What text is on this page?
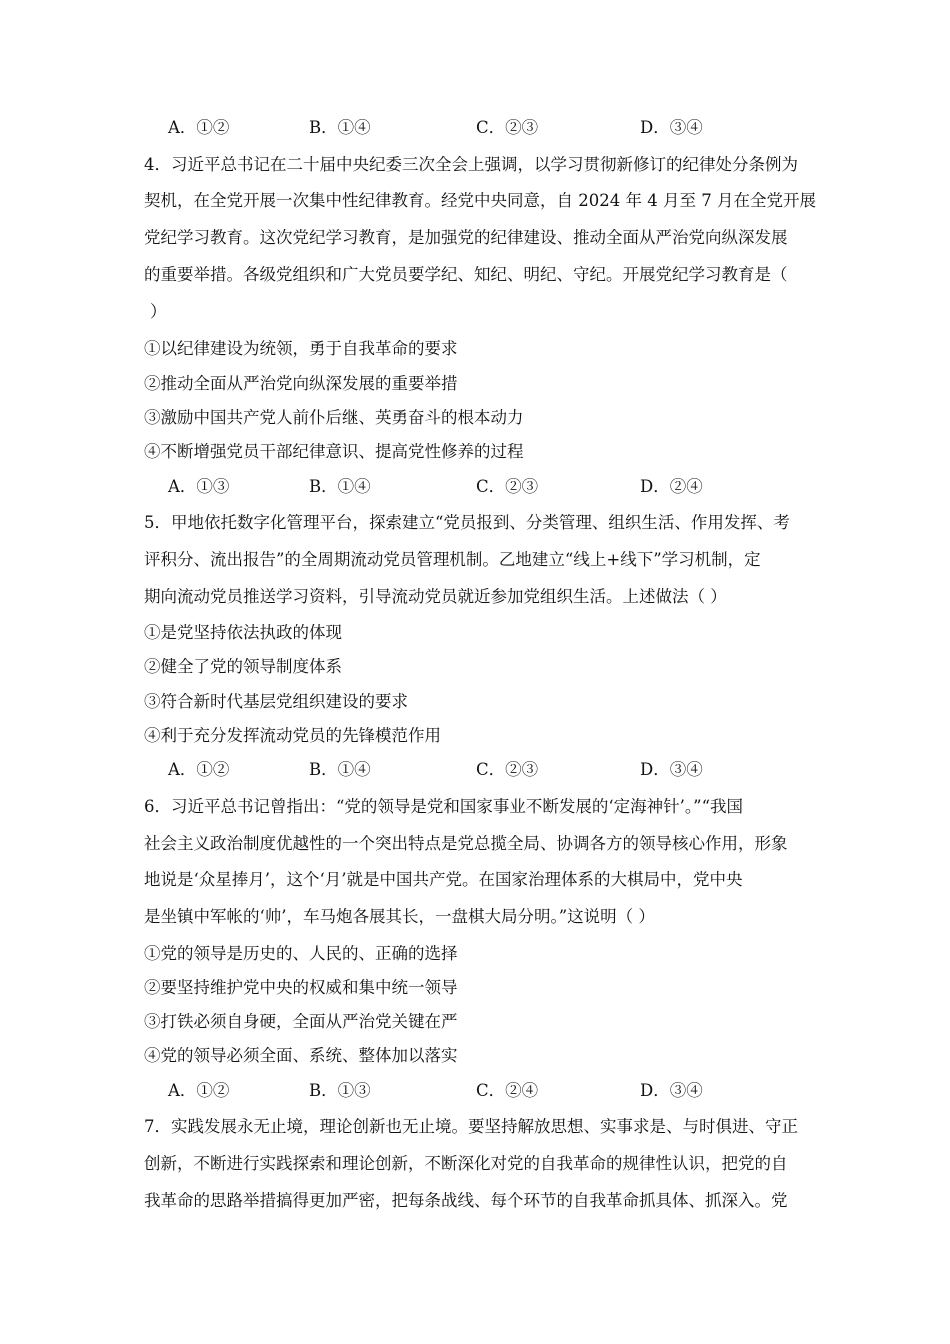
A．①②	B．①④	C．②③	D．③④
4．习近平总书记在二十届中央纪委三次全会上强调，以学习贯彻新修订的纪律处分条例为
契机，在全党开展一次集中性纪律教育。经党中央同意，自 2024 年 4 月至 7 月在全党开展
党纪学习教育。这次党纪学习教育，是加强党的纪律建设、推动全面从严治党向纵深发展
的重要举措。各级党组织和广大党员要学纪、知纪、明纪、守纪。开展党纪学习教育是（
）
①以纪律建设为统领，勇于自我革命的要求
②推动全面从严治党向纵深发展的重要举措
③激励中国共产党人前仆后继、英勇奋斗的根本动力
④不断增强党员干部纪律意识、提高党性修养的过程
A．①③	B．①④	C．②③	D．②④
5．甲地依托数字化管理平台，探索建立“党员报到、分类管理、组织生活、作用发挥、考
评积分、流出报告”的全周期流动党员管理机制。乙地建立“线上+线下”学习机制，定
期向流动党员推送学习资料，引导流动党员就近参加党组织生活。上述做法（ ）
①是党坚持依法执政的体现
②健全了党的领导制度体系
③符合新时代基层党组织建设的要求
④利于充分发挥流动党员的先锋模范作用
A．①②	B．①④	C．②③	D．③④
6．习近平总书记曾指出：“党的领导是党和国家事业不断发展的‘定海神针’。”“我国
社会主义政治制度优越性的一个突出特点是党总揽全局、协调各方的领导核心作用，形象
地说是‘众星捧月’，这个‘月’就是中国共产党。在国家治理体系的大棋局中，党中央
是坐镇中军帐的‘帅’，车马炮各展其长，一盘棋大局分明。”这说明（ ）
①党的领导是历史的、人民的、正确的选择
②要坚持维护党中央的权威和集中统一领导
③打铁必须自身硬，全面从严治党关键在严
④党的领导必须全面、系统、整体加以落实
A．①②	B．①③	C．②④	D．③④
7．实践发展永无止境，理论创新也无止境。要坚持解放思想、实事求是、与时俱进、守正
创新，不断进行实践探索和理论创新，不断深化对党的自我革命的规律性认识，把党的自
我革命的思路举措搞得更加严密，把每条战线、每个环节的自我革命抓具体、抓深入。党
